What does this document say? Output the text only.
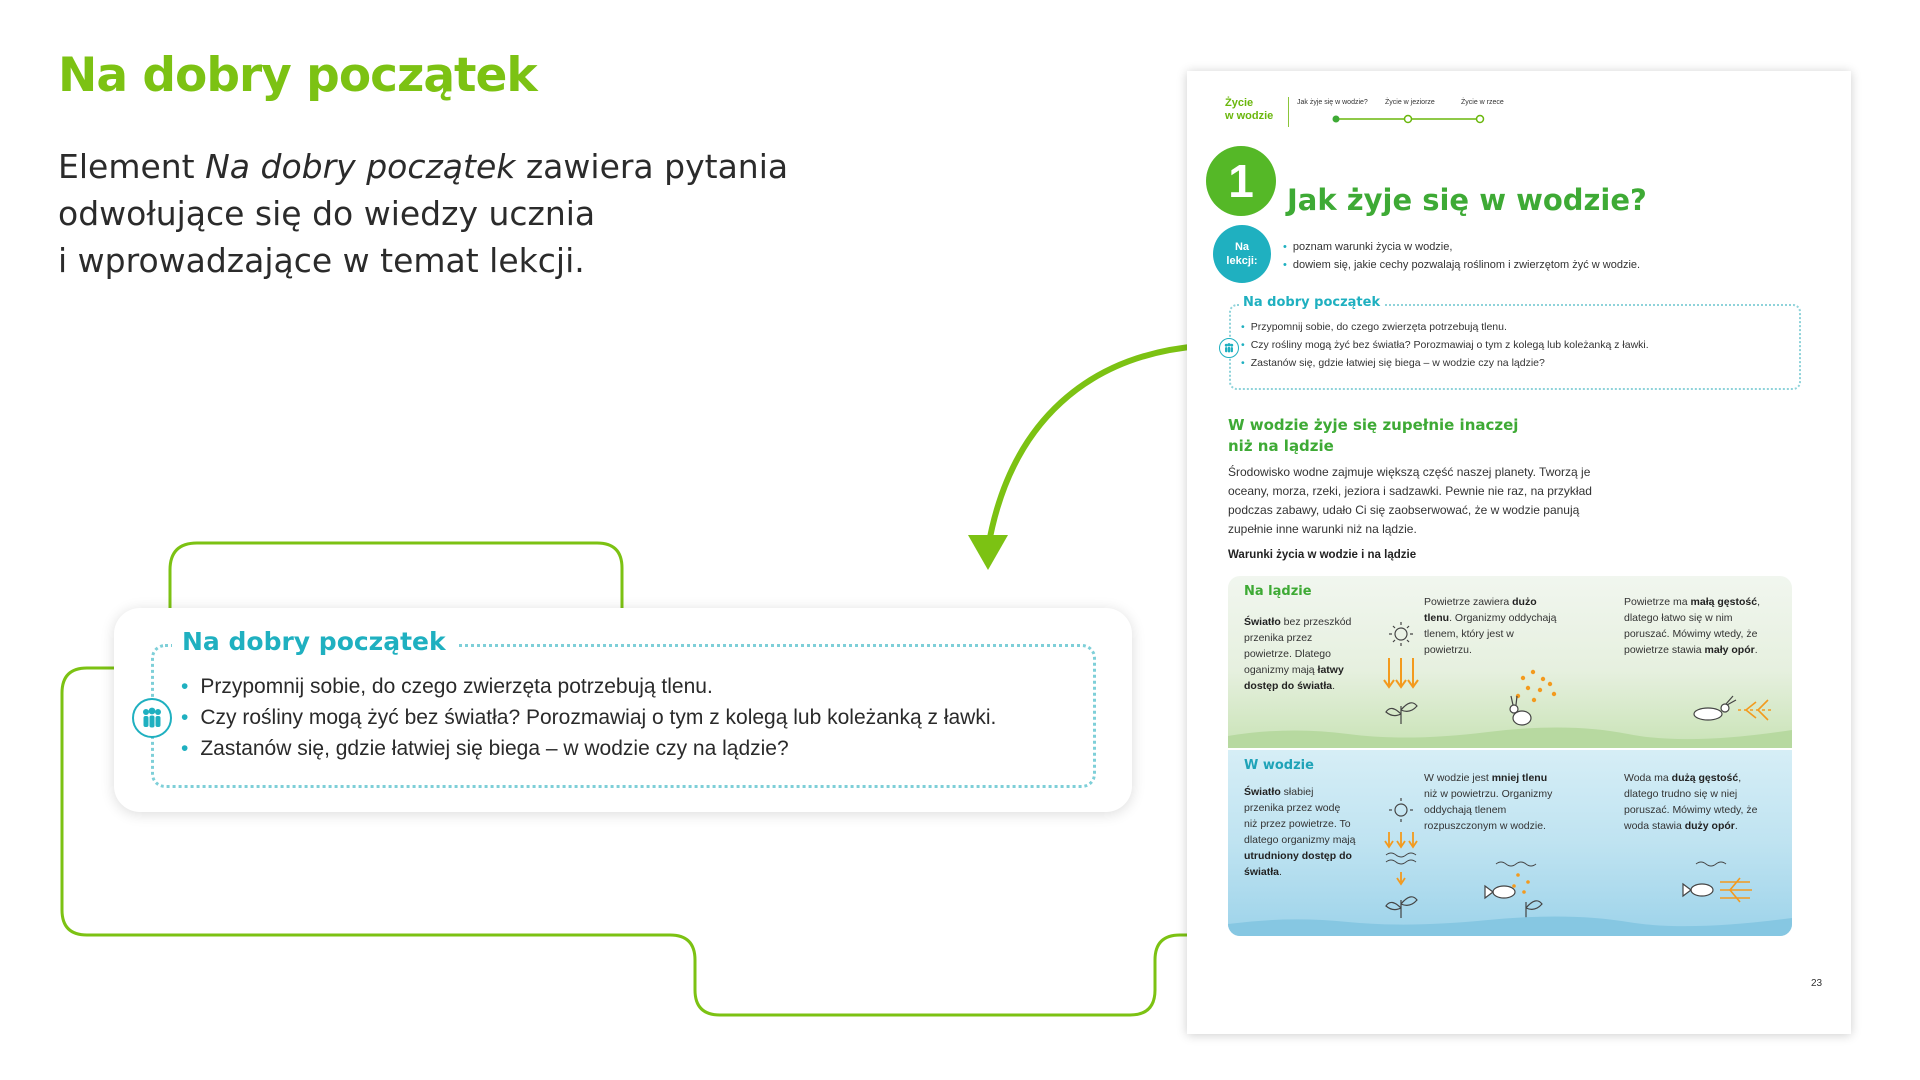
Na dobry początek

Element Na dobry początek zawiera pytania
odwołujące się do wiedzy ucznia
i wprowadzające w temat lekcji.

Na dobry początek
• Przypomnij sobie, do czego zwierzęta potrzebują tlenu.
• Czy rośliny mogą żyć bez światła? Porozmawiaj o tym z kolegą lub koleżanką z ławki.
• Zastanów się, gdzie łatwiej się biega – w wodzie czy na lądzie?
Życie
w wodzie
Jak żyje się w wodzie? Życie w jeziorze	Życie w rzece
1	Jak żyje się w wodzie?
Na
lekcji:
• poznam warunki życia w wodzie,
• dowiem się, jakie cechy pozwalają roślinom i zwierzętom żyć w wodzie.
Na dobry początek
• Przypomnij sobie, do czego zwierzęta potrzebują tlenu.
• Czy rośliny mogą żyć bez światła? Porozmawiaj o tym z kolegą lub koleżanką z ławki.
• Zastanów się, gdzie łatwiej się biega – w wodzie czy na lądzie?
W wodzie żyje się zupełnie inaczej
niż na lądzie

Środowisko wodne zajmuje większą część naszej planety. Tworzą je oceany, morza, rzeki, jeziora i sadzawki. Pewnie nie raz, na przykład podczas zabawy, udało Ci się zaobserwować, że w wodzie panują zupełnie inne warunki niż na lądzie.

Warunki życia w wodzie i na lądzie
Na lądzie

Światło bez przeszkód przenika przez powietrze. Dlatego oganizmy mają łatwy dostęp do światła.

Powietrze zawiera dużo tlenu. Organizmy oddychają tlenem, który jest w powietrzu.

Powietrze ma małą gęstość, dlatego łatwo się w nim poruszać. Mówimy wtedy, że powietrze stawia mały opór.

W wodzie

Światło słabiej przenika przez wodę niż przez powietrze. To dlatego organizmy mają utrudniony dostęp do światła.

W wodzie jest mniej tlenu niż w powietrzu. Organizmy oddychają tlenem rozpuszczonym w wodzie.

Woda ma dużą gęstość, dlatego trudno się w niej poruszać. Mówimy wtedy, że woda stawia duży opór.

23
